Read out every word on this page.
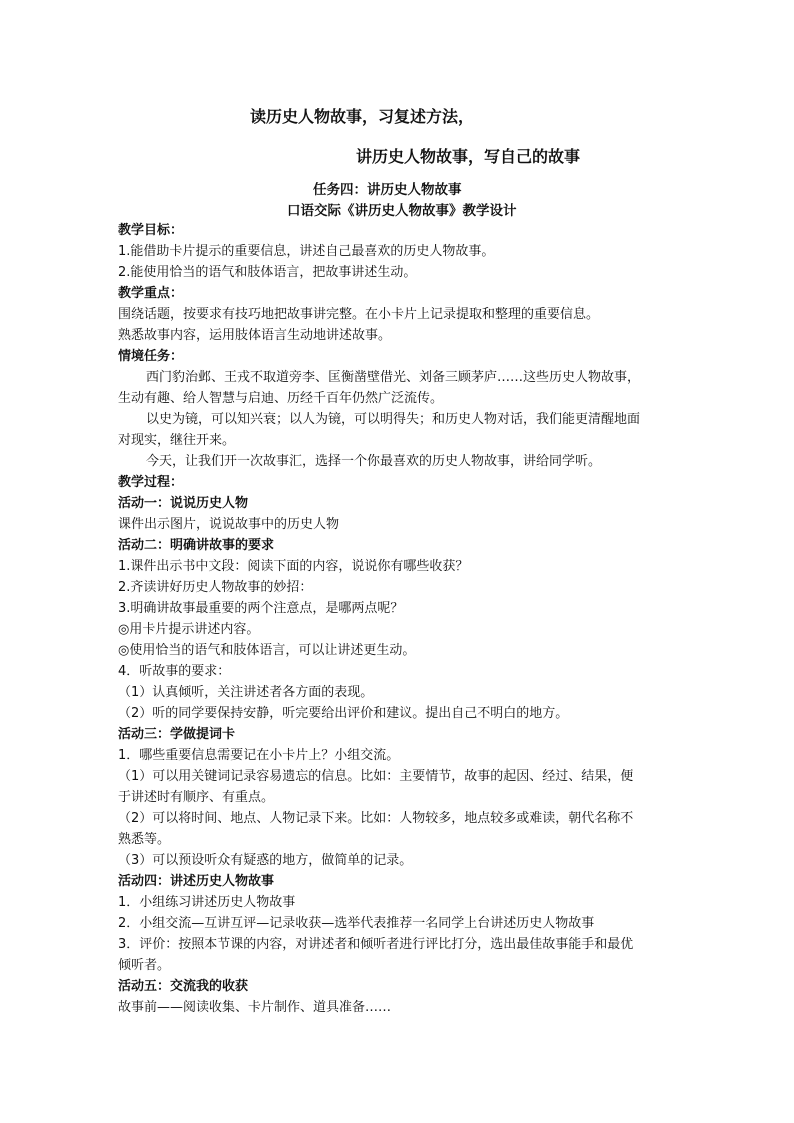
读历史人物故事，习复述方法，
讲历史人物故事，写自己的故事
任务四：讲历史人物故事
口语交际《讲历史人物故事》教学设计
教学目标：
1.能借助卡片提示的重要信息，讲述自己最喜欢的历史人物故事。
2.能使用恰当的语气和肢体语言，把故事讲述生动。
教学重点：
围绕话题，按要求有技巧地把故事讲完整。在小卡片上记录提取和整理的重要信息。
熟悉故事内容，运用肢体语言生动地讲述故事。
情境任务：
西门豹治邺、王戎不取道旁李、匡衡凿壁借光、刘备三顾茅庐……这些历史人物故事，
生动有趣、给人智慧与启迪、历经千百年仍然广泛流传。
以史为镜，可以知兴衰；以人为镜，可以明得失；和历史人物对话，我们能更清醒地面
对现实，继往开来。
今天，让我们开一次故事汇，选择一个你最喜欢的历史人物故事，讲给同学听。
教学过程：
活动一：说说历史人物
课件出示图片，说说故事中的历史人物
活动二：明确讲故事的要求
1.课件出示书中文段：阅读下面的内容，说说你有哪些收获？
2.齐读讲好历史人物故事的妙招：
3.明确讲故事最重要的两个注意点，是哪两点呢？
◎用卡片提示讲述内容。
◎使用恰当的语气和肢体语言，可以让讲述更生动。
4．听故事的要求：
（1）认真倾听，关注讲述者各方面的表现。
（2）听的同学要保持安静，听完要给出评价和建议。提出自己不明白的地方。
活动三：学做提词卡
1．哪些重要信息需要记在小卡片上？小组交流。
（1）可以用关键词记录容易遗忘的信息。比如：主要情节，故事的起因、经过、结果，便
于讲述时有顺序、有重点。
（2）可以将时间、地点、人物记录下来。比如：人物较多，地点较多或难读，朝代名称不
熟悉等。
（3）可以预设听众有疑惑的地方，做简单的记录。
活动四：讲述历史人物故事
1．小组练习讲述历史人物故事
2．小组交流—互讲互评—记录收获—选举代表推荐一名同学上台讲述历史人物故事
3．评价：按照本节课的内容，对讲述者和倾听者进行评比打分，选出最佳故事能手和最优
倾听者。
活动五：交流我的收获
故事前——阅读收集、卡片制作、道具准备……
